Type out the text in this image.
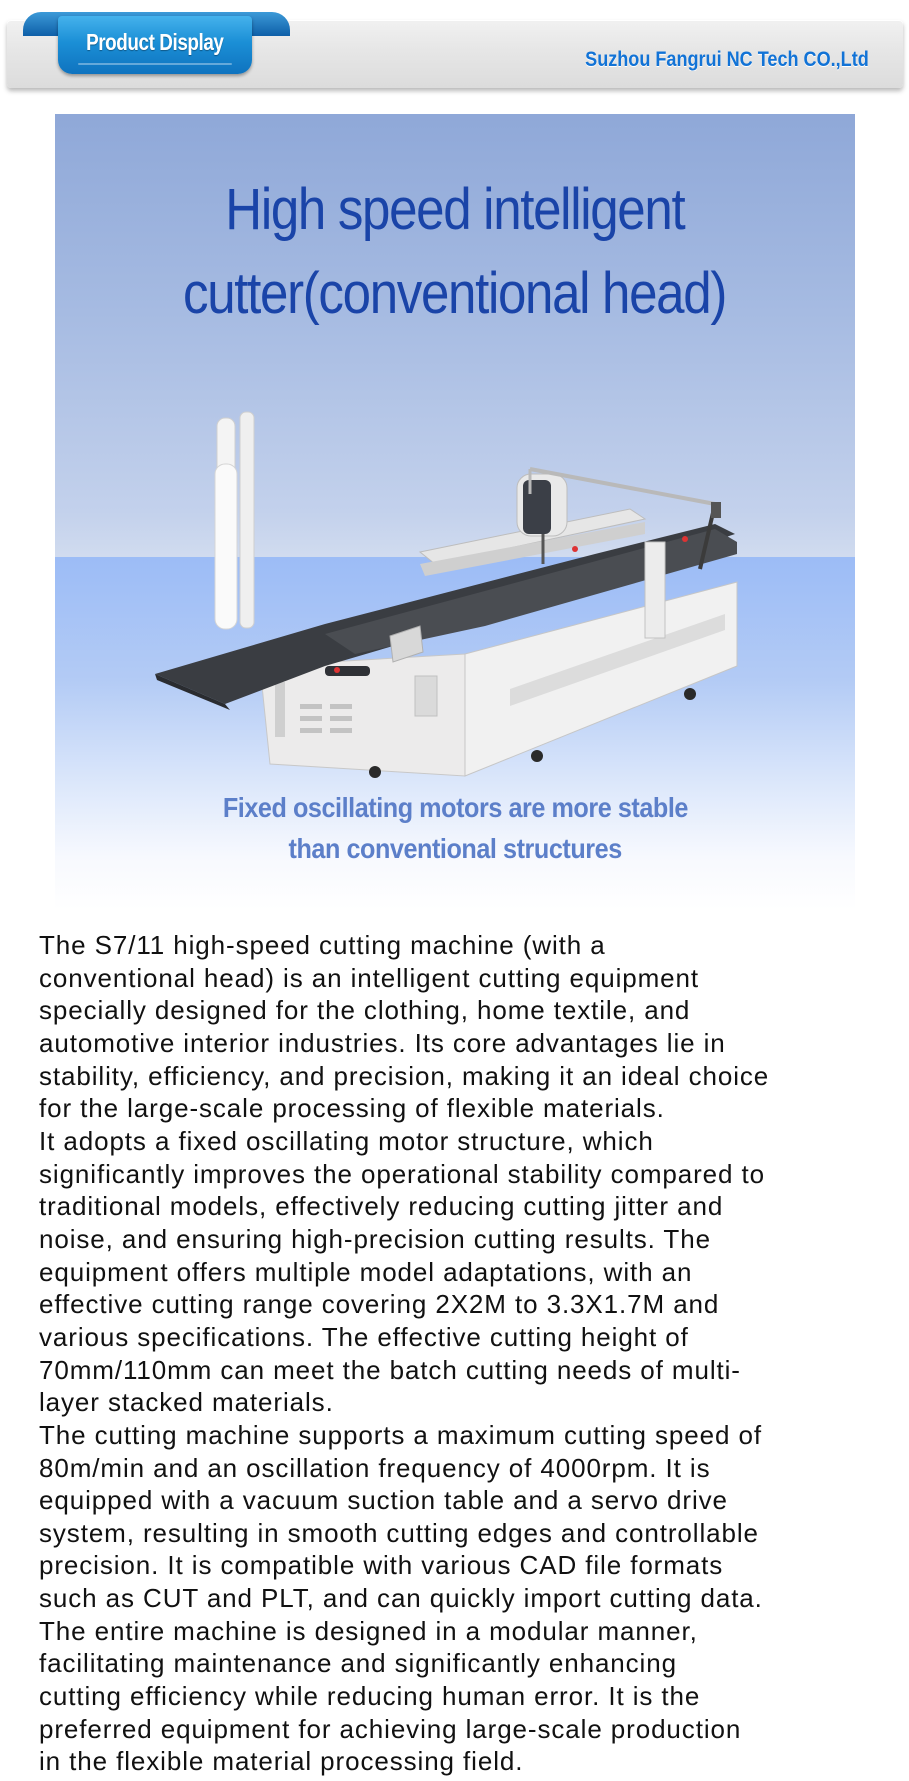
Product Display
Suzhou Fangrui NC Tech CO.,Ltd
High speed intelligent
cutter(conventional head)
Fixed oscillating motors are more stable
than conventional structures
The S7/11 high-speed cutting machine (with a
conventional head) is an intelligent cutting equipment
specially designed for the clothing, home textile, and
automotive interior industries. Its core advantages lie in
stability, efficiency, and precision, making it an ideal choice
for the large-scale processing of flexible materials.
It adopts a fixed oscillating motor structure, which
significantly improves the operational stability compared to
traditional models, effectively reducing cutting jitter and
noise, and ensuring high-precision cutting results. The
equipment offers multiple model adaptations, with an
effective cutting range covering 2X2M to 3.3X1.7M and
various specifications. The effective cutting height of
70mm/110mm can meet the batch cutting needs of multi-
layer stacked materials.
The cutting machine supports a maximum cutting speed of
80m/min and an oscillation frequency of 4000rpm. It is
equipped with a vacuum suction table and a servo drive
system, resulting in smooth cutting edges and controllable
precision. It is compatible with various CAD file formats
such as CUT and PLT, and can quickly import cutting data.
The entire machine is designed in a modular manner,
facilitating maintenance and significantly enhancing
cutting efficiency while reducing human error. It is the
preferred equipment for achieving large-scale production
in the flexible material processing field.
